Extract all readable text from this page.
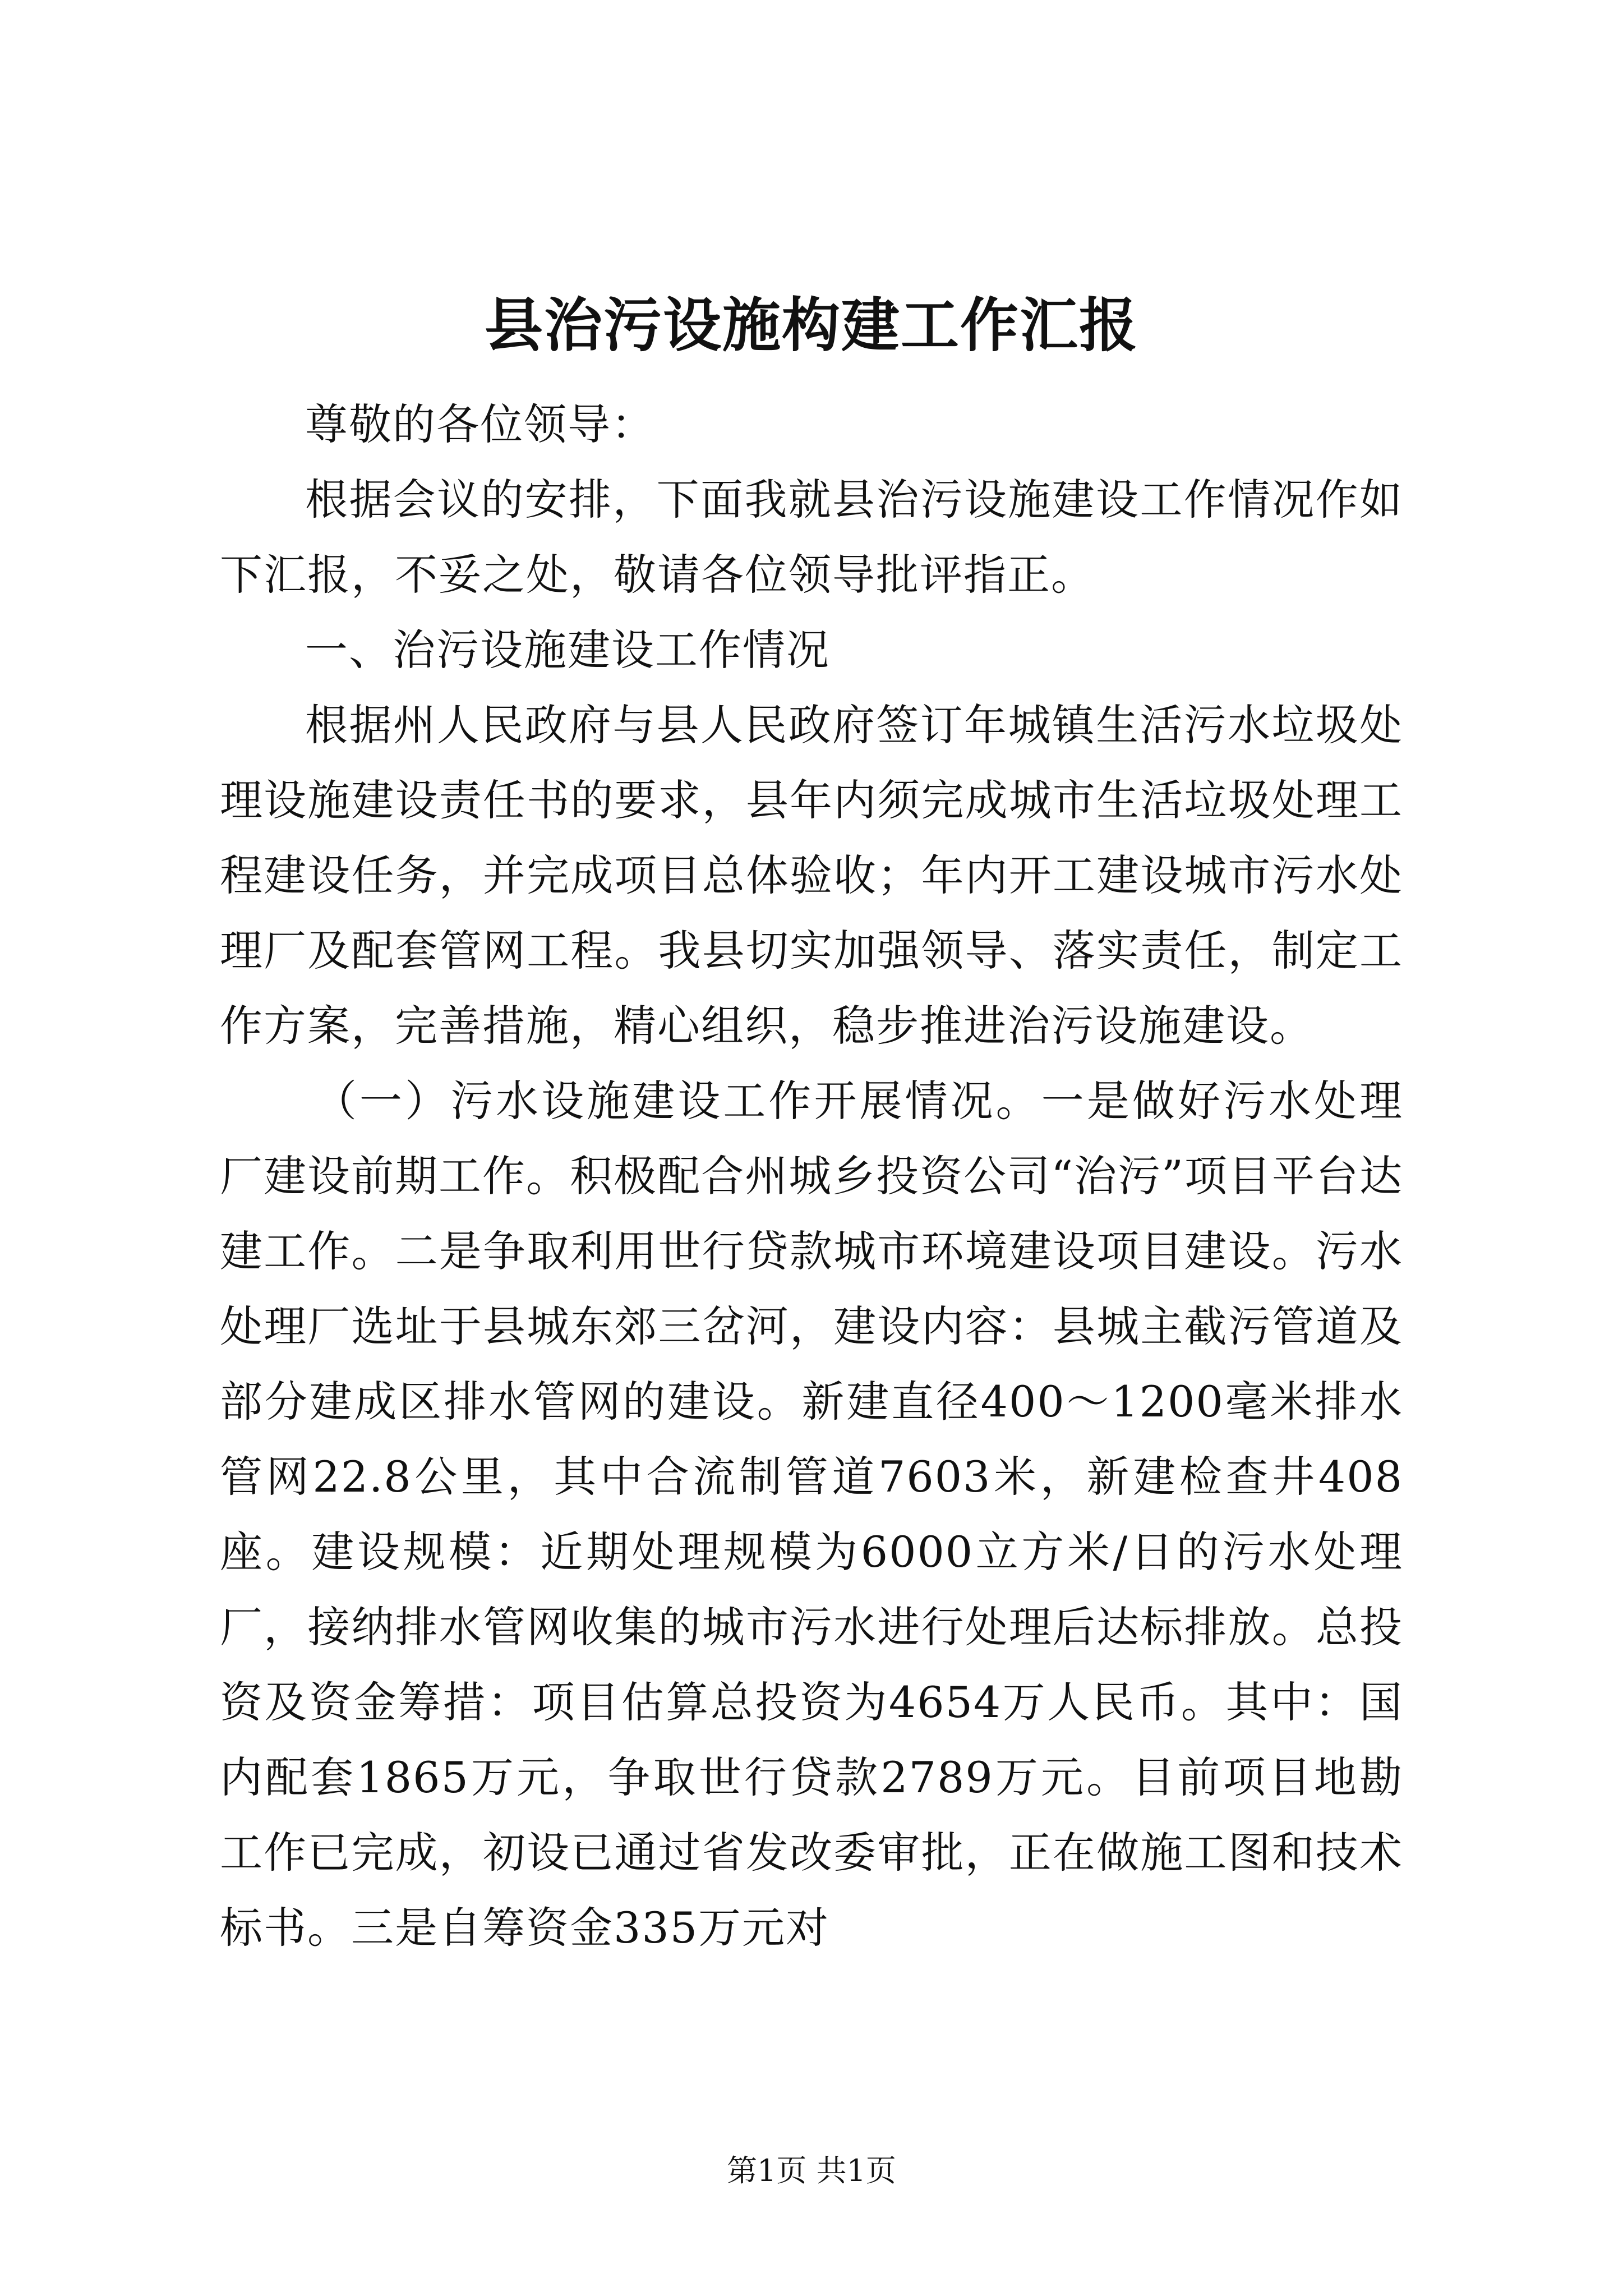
县治污设施构建工作汇报

尊敬的各位领导：

根据会议的安排，下面我就县治污设施建设工作情况作如下汇报，不妥之处，敬请各位领导批评指正。

一、治污设施建设工作情况

根据州人民政府与县人民政府签订年城镇生活污水垃圾处理设施建设责任书的要求，县年内须完成城市生活垃圾处理工程建设任务，并完成项目总体验收；年内开工建设城市污水处理厂及配套管网工程。我县切实加强领导、落实责任，制定工作方案，完善措施，精心组织，稳步推进治污设施建设。

（一）污水设施建设工作开展情况。一是做好污水处理厂建设前期工作。积极配合州城乡投资公司“治污”项目平台达建工作。二是争取利用世行贷款城市环境建设项目建设。污水处理厂选址于县城东郊三岔河，建设内容：县城主截污管道及部分建成区排水管网的建设。新建直径400～1200毫米排水管网22.8公里，其中合流制管道7603米，新建检查井408座。建设规模：近期处理规模为6000立方米/日的污水处理厂，接纳排水管网收集的城市污水进行处理后达标排放。总投资及资金筹措：项目估算总投资为4654万人民币。其中：国内配套1865万元，争取世行贷款2789万元。目前项目地勘工作已完成，初设已通过省发改委审批，正在做施工图和技术标书。三是自筹资金335万元对

第1页 共1页
